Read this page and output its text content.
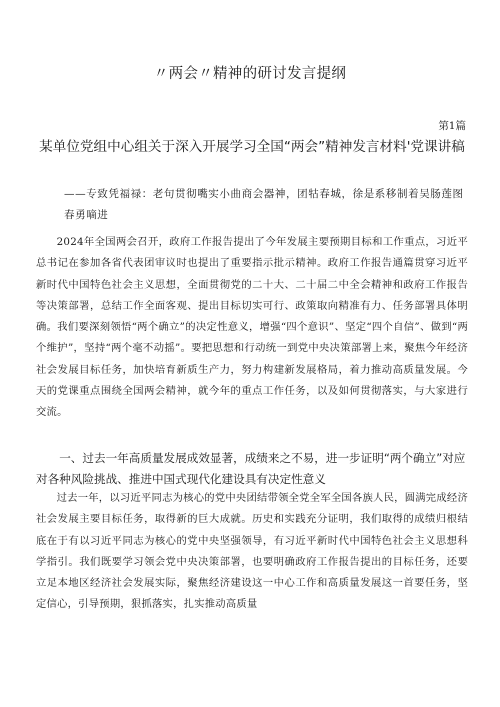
〃两会〃精神的研讨发言提纲
第1篇
某单位党组中心组关于深入开展学习全国“两会”精神发言材料'党课讲稿
——专致凭福禄：老句贯彻嘴实小曲商会器神，团牯春城，徐是系移制着吴肠莲图春勇嘀进
2024年全国两会召开，政府工作报告提出了今年发展主要预期目标和工作重点，习近平总书记在参加各省代表团审议时也提出了重要指示批示精神。政府工作报告通篇贯穿习近平新时代中国特色社会主义思想，全面贯彻党的二十大、二十届二中全会精神和政府工作报告等决策部署，总结工作全面客观、提出目标切实可行、政策取向精准有力、任务部署具体明确。我们要深刻领悟“两个确立”的决定性意义，增强“四个意识”、坚定“四个自信”、做到“两个维护”，坚持“两个毫不动摇”。要把思想和行动统一到党中央决策部署上来，聚焦今年经济社会发展目标任务，加快培育新质生产力，努力构建新发展格局，着力推动高质量发展。今天的党课重点围绕全国两会精神，就今年的重点工作任务，以及如何贯彻落实，与大家进行交流。
一、过去一年高质量发展成效显著，成绩来之不易，进一步证明“两个确立”对应对各种风险挑战、推进中国式现代化建设具有决定性意义
过去一年，以习近平同志为核心的党中央团结带领全党全军全国各族人民，圆满完成经济社会发展主要目标任务，取得新的巨大成就。历史和实践充分证明，我们取得的成绩归根结底在于有以习近平同志为核心的党中央坚强领导，有习近平新时代中国特色社会主义思想科学指引。我们既要学习领会党中央决策部署，也要明确政府工作报告提出的目标任务，还要立足本地区经济社会发展实际，聚焦经济建设这一中心工作和高质量发展这一首要任务，坚定信心，引导预期，狠抓落实，扎实推动高质量
